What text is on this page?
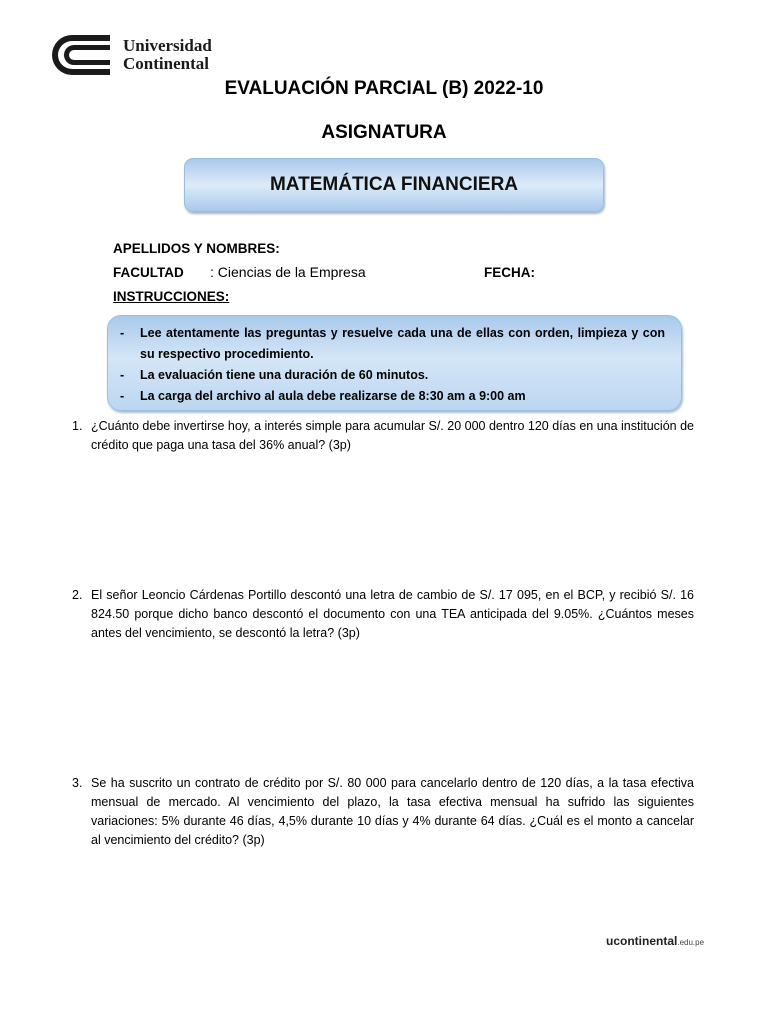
Universidad
Continental
EVALUACIÓN PARCIAL (B) 2022-10
ASIGNATURA
MATEMÁTICA FINANCIERA
APELLIDOS Y NOMBRES:
FACULTAD : Ciencias de la Empresa	FECHA:
INSTRUCCIONES:
- Lee atentamente las preguntas y resuelve cada una de ellas con orden, limpieza y con su respectivo procedimiento.
- La evaluación tiene una duración de 60 minutos.
- La carga del archivo al aula debe realizarse de 8:30 am a 9:00 am
1. ¿Cuánto debe invertirse hoy, a interés simple para acumular S/. 20 000 dentro 120 días en una institución de crédito que paga una tasa del 36% anual? (3p)
2. El señor Leoncio Cárdenas Portillo descontó una letra de cambio de S/. 17 095, en el BCP, y recibió S/. 16 824.50 porque dicho banco descontó el documento con una TEA anticipada del 9.05%. ¿Cuántos meses antes del vencimiento, se descontó la letra? (3p)
3. Se ha suscrito un contrato de crédito por S/. 80 000 para cancelarlo dentro de 120 días, a la tasa efectiva mensual de mercado. Al vencimiento del plazo, la tasa efectiva mensual ha sufrido las siguientes variaciones: 5% durante 46 días, 4,5% durante 10 días y 4% durante 64 días. ¿Cuál es el monto a cancelar al vencimiento del crédito? (3p)
ucontinental.edu.pe
